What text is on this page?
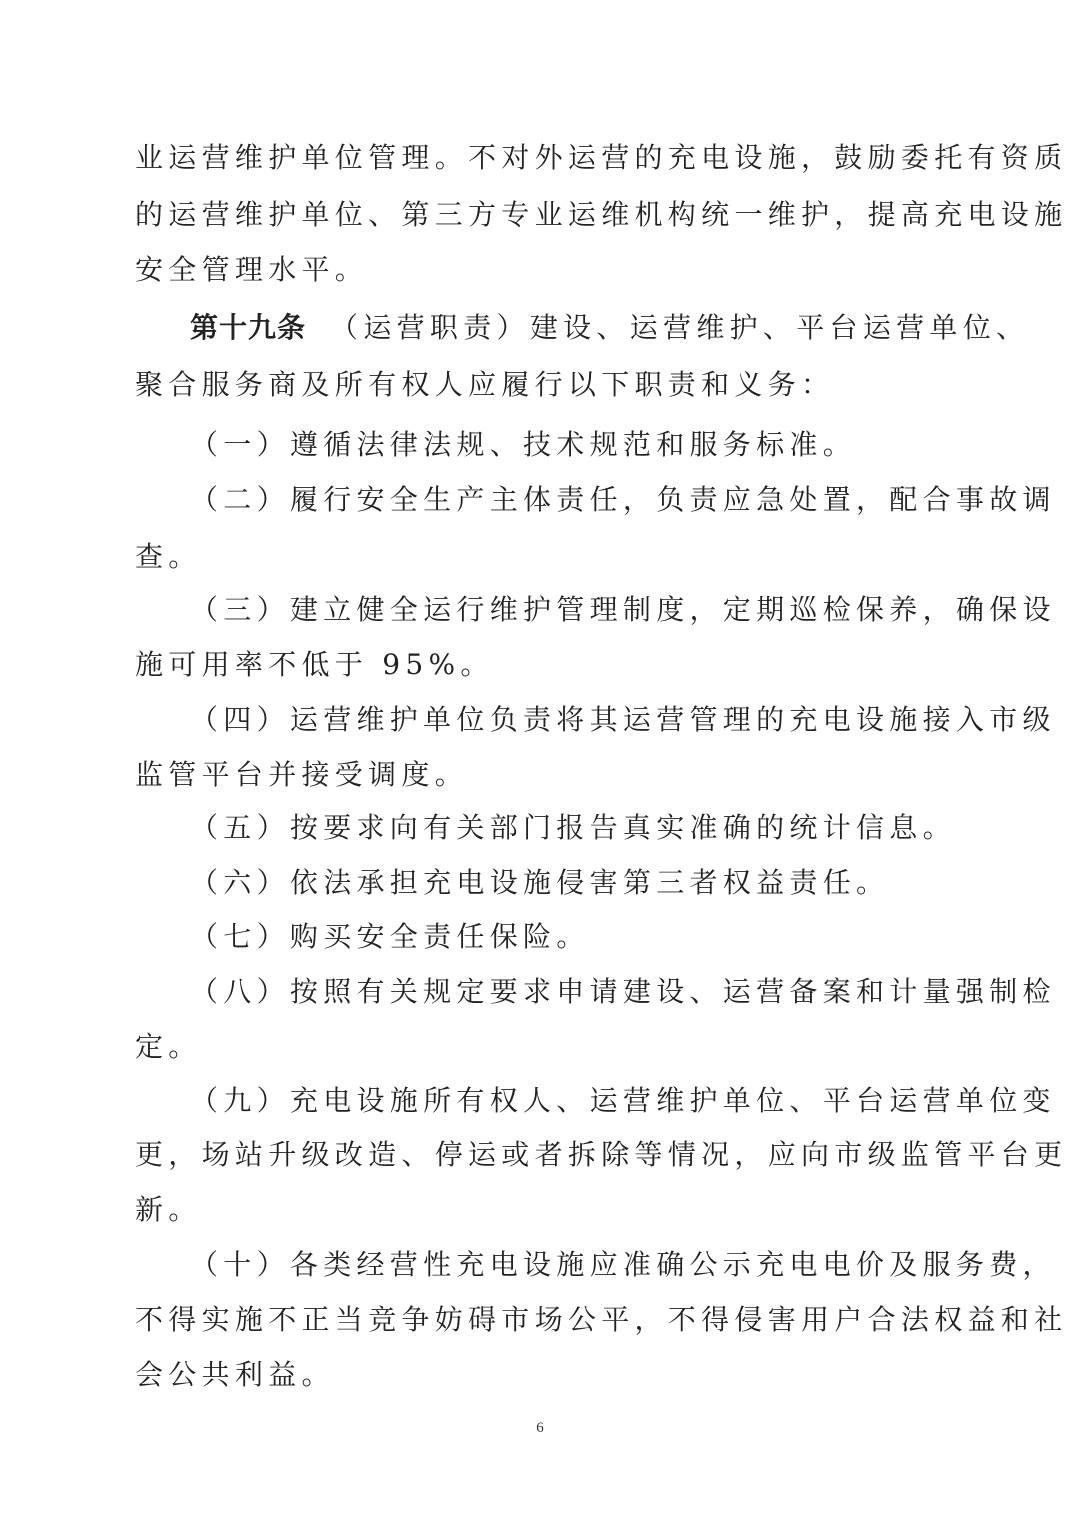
业运营维护单位管理。不对外运营的充电设施，鼓励委托有资质
的运营维护单位、第三方专业运维机构统一维护，提高充电设施
安全管理水平。
第十九条 （运营职责）建设、运营维护、平台运营单位、
聚合服务商及所有权人应履行以下职责和义务：
（一）遵循法律法规、技术规范和服务标准。
（二）履行安全生产主体责任，负责应急处置，配合事故调
查。
（三）建立健全运行维护管理制度，定期巡检保养，确保设
施可用率不低于 95%。
（四）运营维护单位负责将其运营管理的充电设施接入市级
监管平台并接受调度。
（五）按要求向有关部门报告真实准确的统计信息。
（六）依法承担充电设施侵害第三者权益责任。
（七）购买安全责任保险。
（八）按照有关规定要求申请建设、运营备案和计量强制检
定。
（九）充电设施所有权人、运营维护单位、平台运营单位变
更，场站升级改造、停运或者拆除等情况，应向市级监管平台更
新。
（十）各类经营性充电设施应准确公示充电电价及服务费，
不得实施不正当竞争妨碍市场公平，不得侵害用户合法权益和社
会公共利益。
6
